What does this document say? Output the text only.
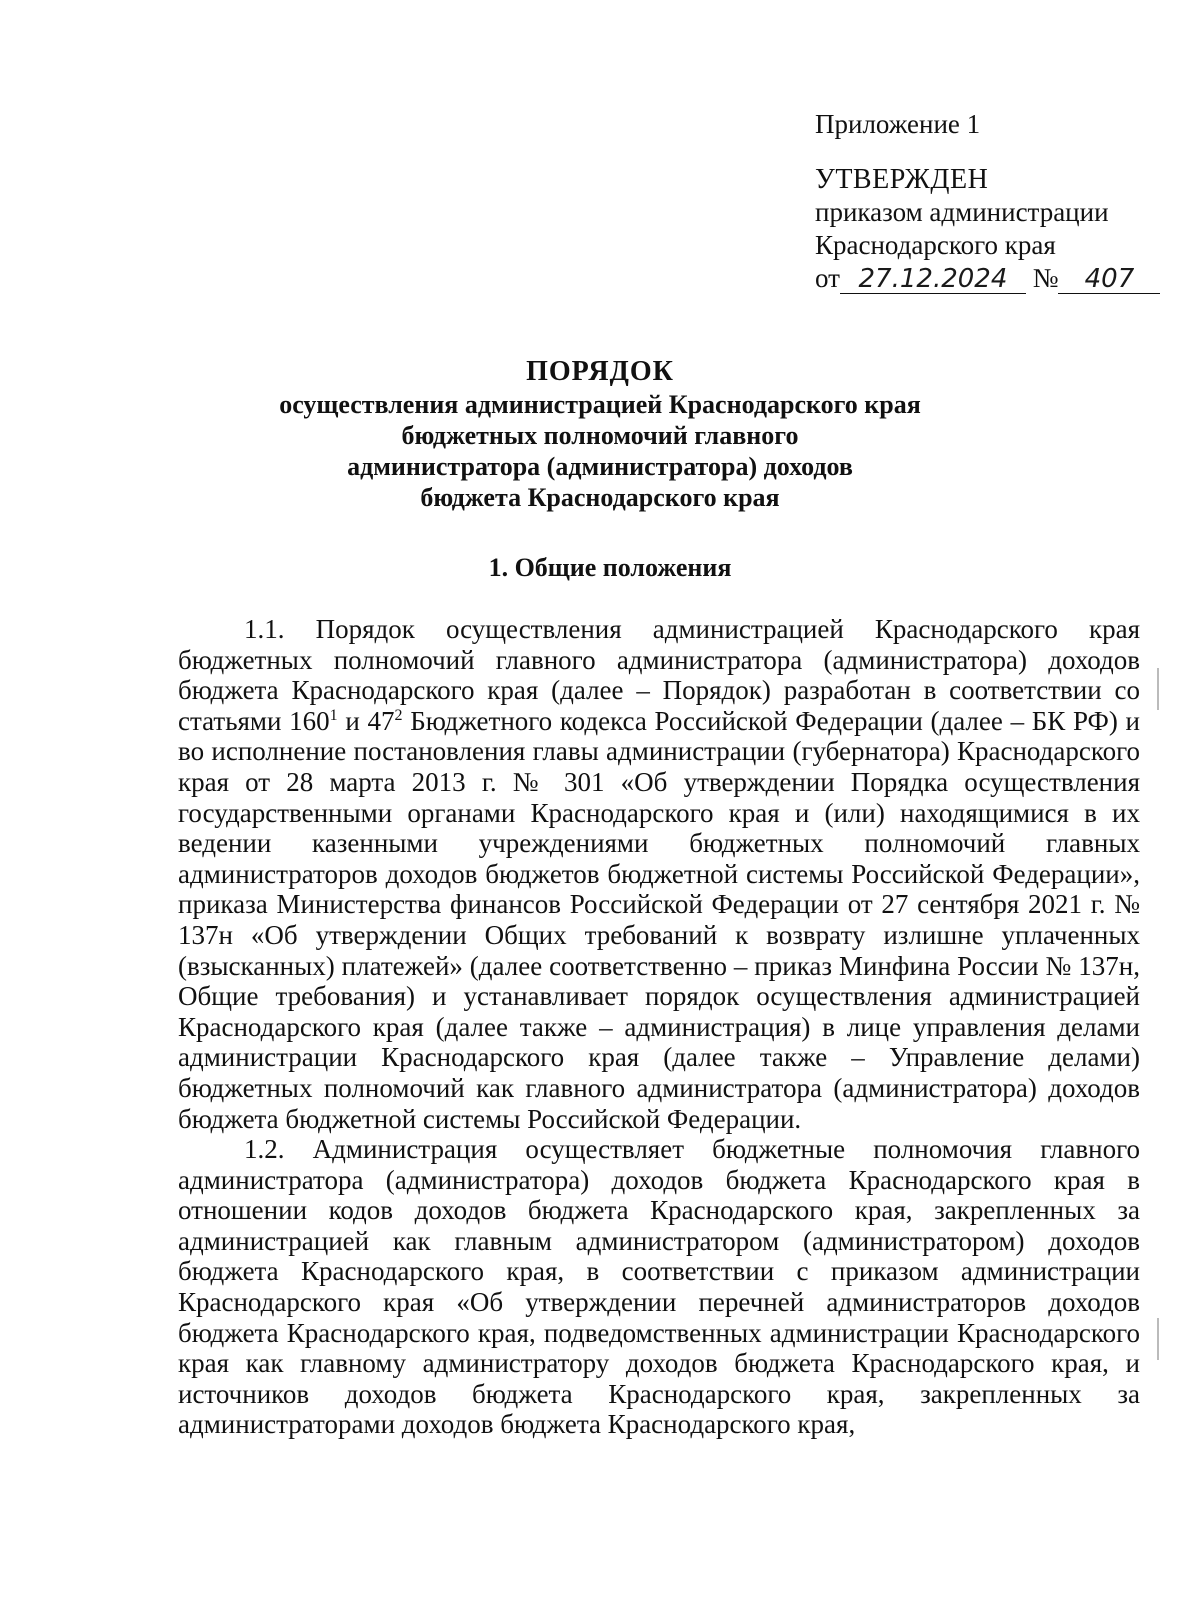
Приложение 1
УТВЕРЖДЕН
приказом администрации
Краснодарского края
от 27.12.2024 № 407
ПОРЯДОК
осуществления администрацией Краснодарского края
бюджетных полномочий главного
администратора (администратора) доходов
бюджета Краснодарского края
1. Общие положения

1.1. Порядок осуществления администрацией Краснодарского края бюджетных полномочий главного администратора (администратора) доходов бюджета Краснодарского края (далее – Порядок) разработан в соответствии со статьями $160^1$ и $47^2$ Бюджетного кодекса Российской Федерации (далее – БК РФ) и во исполнение постановления главы администрации (губернатора) Краснодарского края от 28 марта 2013 г. № 301 «Об утверждении Порядка осуществления государственными органами Краснодарского края и (или) находящимися в их ведении казенными учреждениями бюджетных полномочий главных администраторов доходов бюджетов бюджетной системы Российской Федерации», приказа Министерства финансов Российской Федерации от 27 сентября 2021 г. № 137н «Об утверждении Общих требований к возврату излишне уплаченных (взысканных) платежей» (далее соответственно – приказ Минфина России № 137н, Общие требования) и устанавливает порядок осуществления администрацией Краснодарского края (далее также – администрация) в лице управления делами администрации Краснодарского края (далее также – Управление делами) бюджетных полномочий как главного администратора (администратора) доходов бюджета бюджетной системы Российской Федерации.

1.2. Администрация осуществляет бюджетные полномочия главного администратора (администратора) доходов бюджета Краснодарского края в отношении кодов доходов бюджета Краснодарского края, закрепленных за администрацией как главным администратором (администратором) доходов бюджета Краснодарского края, в соответствии с приказом администрации Краснодарского края «Об утверждении перечней администраторов доходов бюджета Краснодарского края, подведомственных администрации Краснодарского края как главному администратору доходов бюджета Краснодарского края, и источников доходов бюджета Краснодарского края, закрепленных за администраторами доходов бюджета Краснодарского края,
